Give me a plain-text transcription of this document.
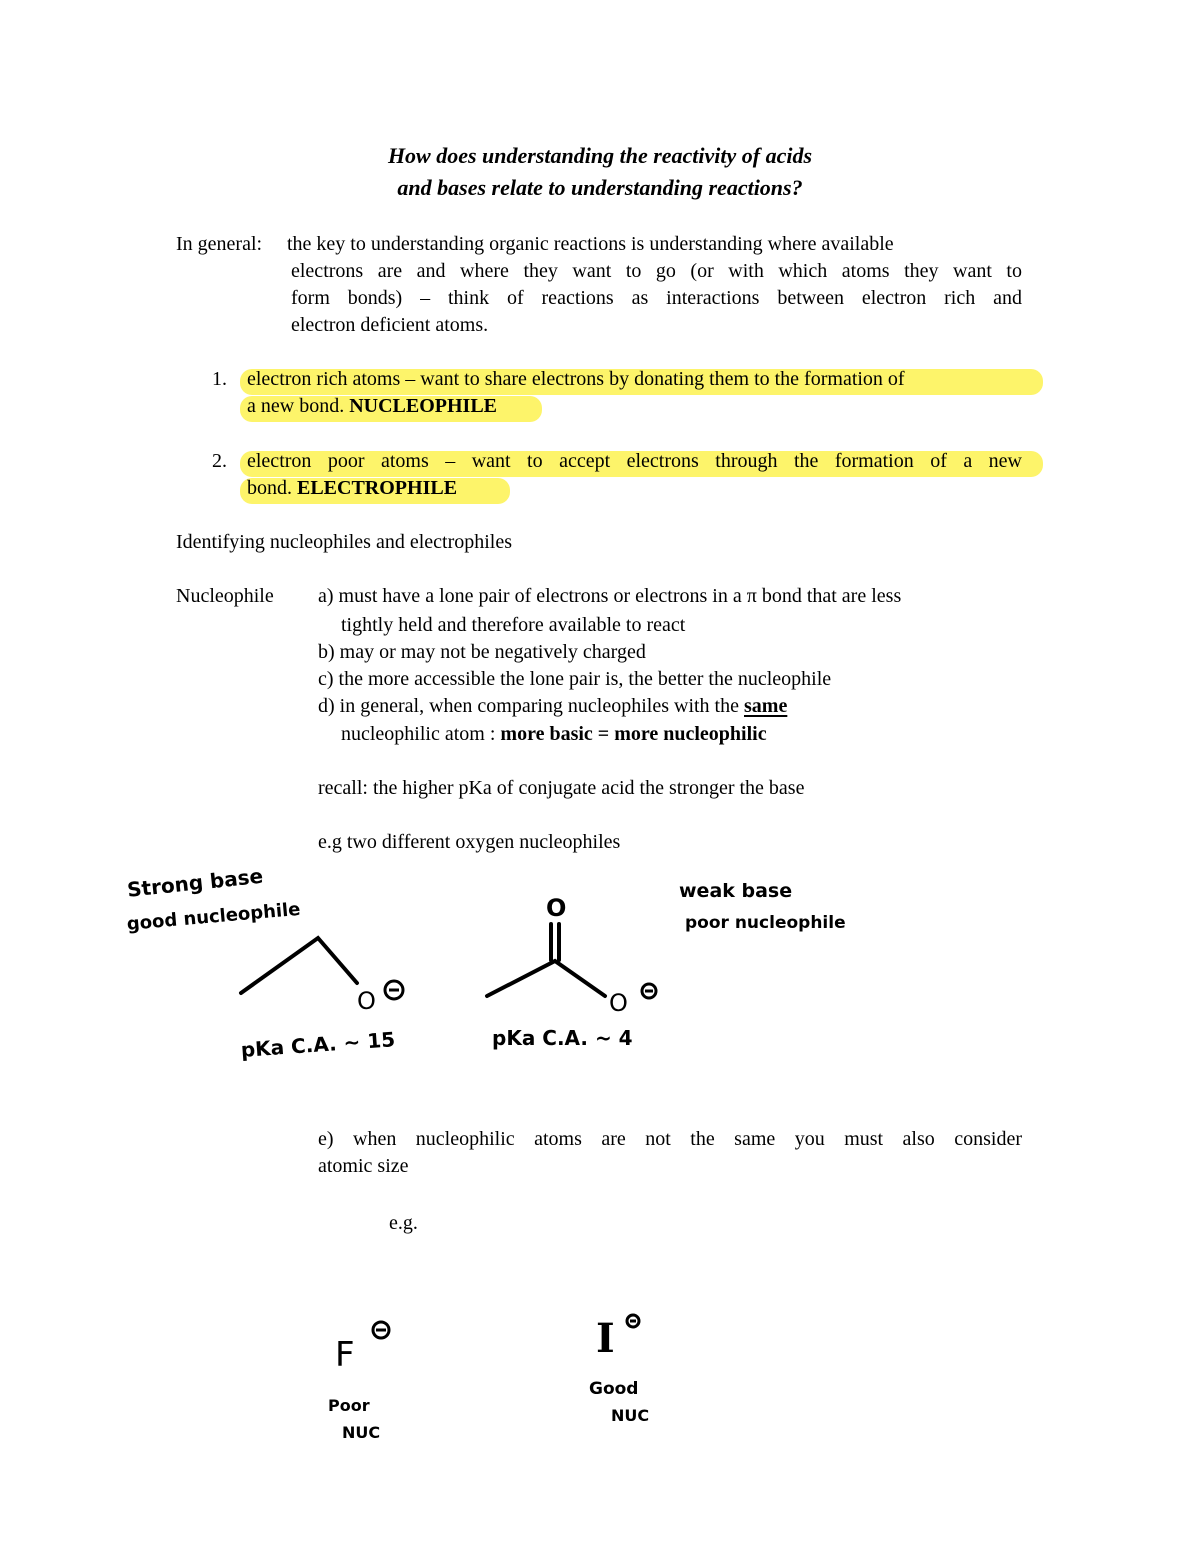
How does understanding the reactivity of acids
and bases relate to understanding reactions?
In general: the key to understanding organic reactions is understanding where available
electrons are and where they want to go (or with which atoms they want to
form bonds) – think of reactions as interactions between electron rich and
electron deficient atoms.
1. electron rich atoms – want to share electrons by donating them to the formation of
a new bond. NUCLEOPHILE
2. electron poor atoms – want to accept electrons through the formation of a new
bond. ELECTROPHILE
Identifying nucleophiles and electrophiles
Nucleophile a) must have a lone pair of electrons or electrons in a π bond that are less
tightly held and therefore available to react
b) may or may not be negatively charged
c) the more accessible the lone pair is, the better the nucleophile
d) in general, when comparing nucleophiles with the same
nucleophilic atom : more basic = more nucleophilic
recall: the higher pKa of conjugate acid the stronger the base
e.g two different oxygen nucleophiles
Strong base
good nucleophile
weak base
poor nucleophile
O
O
O
pKa C.A. ~ 15	pKa C.A. ~ 4
e) when nucleophilic atoms are not the same you must also consider
atomic size
e.g.
F	I
Poor
NUC
Good
NUC
